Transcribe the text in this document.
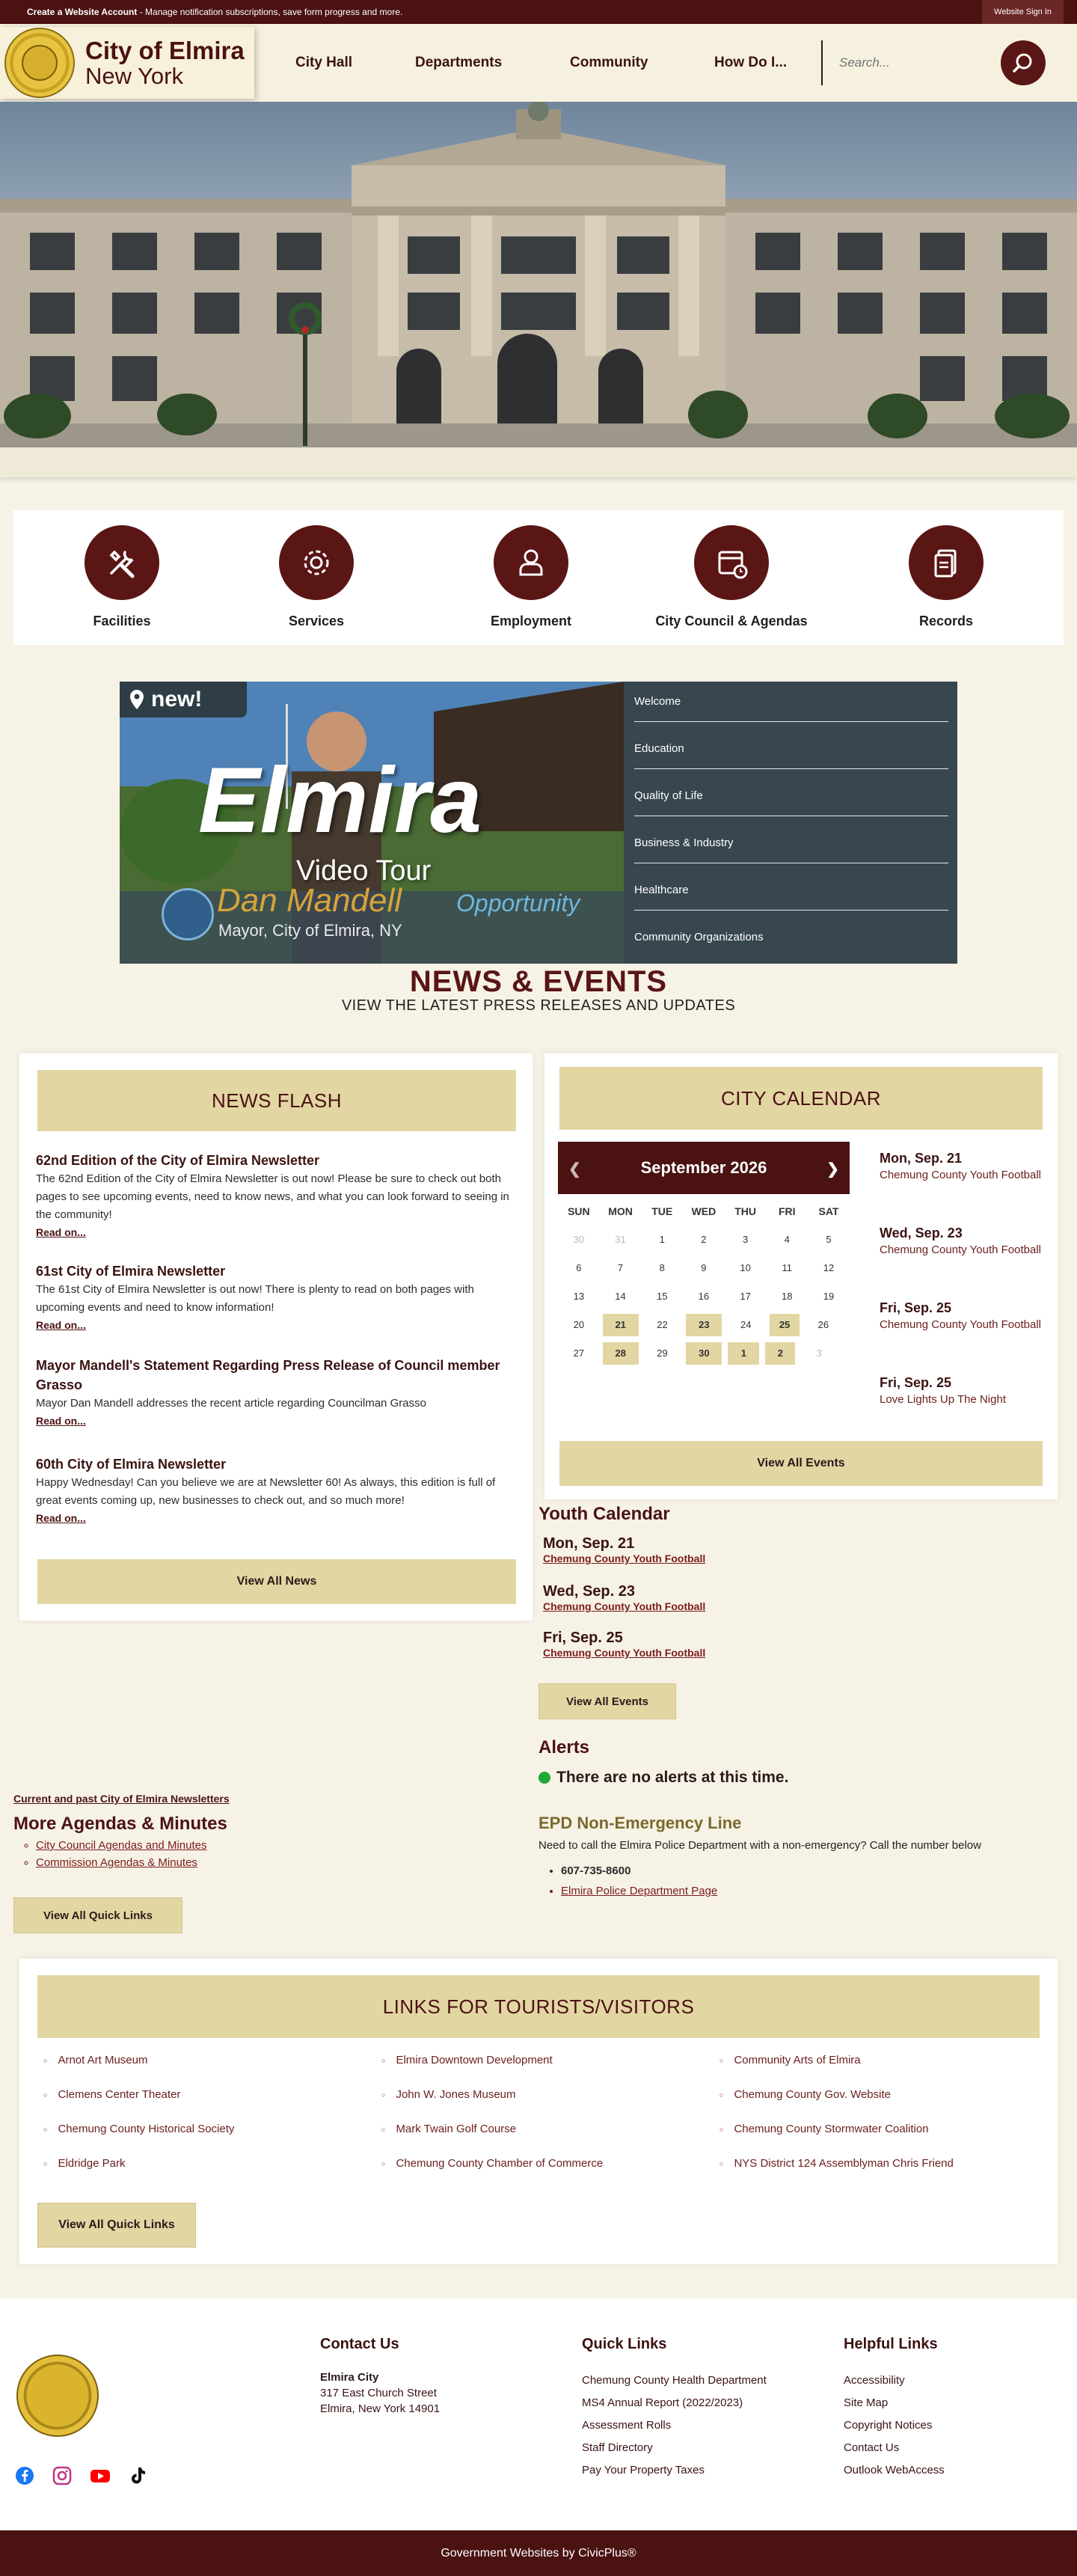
Create a Website Account - Manage notification subscriptions, save form progress and more.	Website Sign In
City of Elmira
New York
City Hall	Departments	Community	How Do I...
Search...
Facilities	Services	Employment	City Council & Agendas	Records
new!
Elmira
Video Tour
Dan Mandell Opportunity
Mayor, City of Elmira, NY
Welcome
Education
Quality of Life
Business & Industry
Healthcare
Community Organizations
NEWS & EVENTS
VIEW THE LATEST PRESS RELEASES AND UPDATES
NEWS FLASH
62nd Edition of the City of Elmira Newsletter
The 62nd Edition of the City of Elmira Newsletter is out now! Please be sure to check out both pages to see upcoming events, need to know news, and what you can look forward to seeing in the community!
Read on...
61st City of Elmira Newsletter
The 61st City of Elmira Newsletter is out now! There is plenty to read on both pages with upcoming events and need to know information!
Read on...
Mayor Mandell's Statement Regarding Press Release of Council member Grasso
Mayor Dan Mandell addresses the recent article regarding Councilman Grasso
Read on...
60th City of Elmira Newsletter
Happy Wednesday! Can you believe we are at Newsletter 60! As always, this edition is full of great events coming up, new businesses to check out, and so much more!
Read on...
View All News
CITY CALENDAR
❮	September 2026	❯
SUN	MON	TUE	WED	THU	FRI	SAT
30	31	1	2	3	4	5
6	7	8	9	10	11	12
13	14	15	16	17	18	19
20	21	22	23	24	25	26
27	28	29	30	1	2	3
Mon, Sep. 21
Chemung County Youth Football
Wed, Sep. 23
Chemung County Youth Football
Fri, Sep. 25
Chemung County Youth Football
Fri, Sep. 25
Love Lights Up The Night
View All Events
Youth Calendar
Mon, Sep. 21
Chemung County Youth Football
Wed, Sep. 23
Chemung County Youth Football
Fri, Sep. 25
Chemung County Youth Football
View All Events
Alerts
There are no alerts at this time.
EPD Non-Emergency Line
Need to call the Elmira Police Department with a non-emergency? Call the number below
• 607-735-8600
• Elmira Police Department Page
Current and past City of Elmira Newsletters
More Agendas & Minutes
◦ City Council Agendas and Minutes
◦ Commission Agendas & Minutes
View All Quick Links
LINKS FOR TOURISTS/VISITORS
○ Arnot Art Museum
○ Clemens Center Theater
○ Chemung County Historical Society
○ Eldridge Park
○ Elmira Downtown Development
○ John W. Jones Museum
○ Mark Twain Golf Course
○ Chemung County Chamber of Commerce
○ Community Arts of Elmira
○ Chemung County Gov. Website
○ Chemung County Stormwater Coalition
○ NYS District 124 Assemblyman Chris Friend
View All Quick Links
Contact Us
Elmira City
317 East Church Street
Elmira, New York 14901
Quick Links
Chemung County Health Department
MS4 Annual Report (2022/2023)
Assessment Rolls
Staff Directory
Pay Your Property Taxes
Helpful Links
Accessibility
Site Map
Copyright Notices
Contact Us
Outlook WebAccess
Government Websites by CivicPlus®
